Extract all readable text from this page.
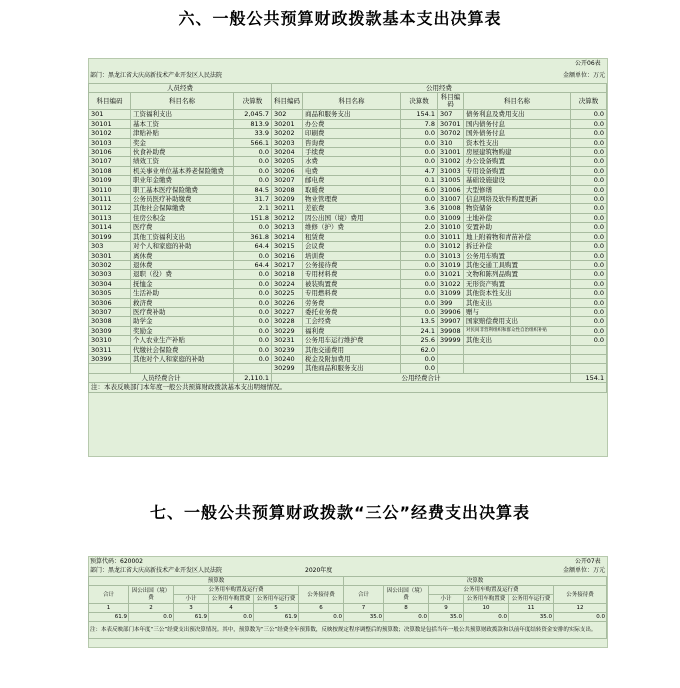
六、一般公共预算财政拨款基本支出决算表
公开06表
部门：黑龙江省大庆高新技术产业开发区人民法院	金额单位：万元
人员经费			公用经费					
科目编码	科目名称	决算数	科目编码	科目名称	决算数	科目编码	科目名称	决算数
301	工资福利支出	2,045.7	302	商品和服务支出	154.1	307	债务利息及费用支出	0.0
30101	基本工资	813.9	30201	办公费	7.8	30701	国内债务付息	0.0
30102	津贴补贴	33.9	30202	印刷费	0.0	30702	国外债务付息	0.0
30103	奖金	566.1	30203	咨询费	0.0	310	资本性支出	0.0
30106	伙食补助费	0.0	30204	手续费	0.0	31001	房屋建筑物购建	0.0
30107	绩效工资	0.0	30205	水费	0.0	31002	办公设备购置	0.0
30108	机关事业单位基本养老保险缴费	0.0	30206	电费	4.7	31003	专用设备购置	0.0
30109	职业年金缴费	0.0	30207	邮电费	0.1	31005	基础设施建设	0.0
30110	职工基本医疗保险缴费	84.5	30208	取暖费	6.0	31006	大型修缮	0.0
30111	公务员医疗补助缴费	31.7	30209	物业管理费	0.0	31007	信息网络及软件购置更新	0.0
30112	其他社会保障缴费	2.1	30211	差旅费	3.6	31008	物资储备	0.0
30113	住房公积金	151.8	30212	因公出国（境）费用	0.0	31009	土地补偿	0.0
30114	医疗费	0.0	30213	维修（护）费	2.0	31010	安置补助	0.0
30199	其他工资福利支出	361.8	30214	租赁费	0.0	31011	地上附着物和青苗补偿	0.0
303	对个人和家庭的补助	64.4	30215	会议费	0.0	31012	拆迁补偿	0.0
30301	离休费	0.0	30216	培训费	0.0	31013	公务用车购置	0.0
30302	退休费	64.4	30217	公务接待费	0.0	31019	其他交通工具购置	0.0
30303	退职（役）费	0.0	30218	专用材料费	0.0	31021	文物和陈列品购置	0.0
30304	抚恤金	0.0	30224	被装购置费	0.0	31022	无形资产购置	0.0
30305	生活补助	0.0	30225	专用燃料费	0.0	31099	其他资本性支出	0.0
30306	救济费	0.0	30226	劳务费	0.0	399	其他支出	0.0
30307	医疗费补助	0.0	30227	委托业务费	0.0	39906	赠与	0.0
30308	助学金	0.0	30228	工会经费	13.5	39907	国家赔偿费用支出	0.0
30309	奖励金	0.0	30229	福利费	24.1	39908	对民间非营利组织和群众性自治组织补贴	0.0
30310	个人农业生产补贴	0.0	30231	公务用车运行维护费	25.6	39999	其他支出	0.0
30311	代缴社会保险费	0.0	30239	其他交通费用	62.0			
30399	其他对个人和家庭的补助	0.0	30240	税金及附加费用	0.0			
			30299	其他商品和服务支出	0.0			
人员经费合计		2,110.1	公用经费合计					154.1
注：本表反映部门本年度一般公共预算财政拨款基本支出明细情况。								
七、一般公共预算财政拨款“三公”经费支出决算表
预算代码：620002	公开07表
部门：黑龙江省大庆高新技术产业开发区人民法院	2020年度	金额单位：万元
预算数						决算数					
合计	因公出国（境）费	公务用车购置及运行费			公务接待费	合计	因公出国（境）费	公务用车购置及运行费			公务接待费
		小计	公务用车购置费	公务用车运行费				小计	公务用车购置费	公务用车运行费	
1	2	3	4	5	6	7	8	9	10	11	12
61.9	0.0	61.9	0.0	61.9	0.0	35.0	0.0	35.0	0.0	35.0	0.0
注：本表反映部门本年度“三公”经费支出预决算情况。其中，预算数为“三公”经费全年预算数，反映按规定程序调整后的预算数；决算数是包括当年一般公共预算财政拨款和以前年度结转资金安排的实际支出。											
